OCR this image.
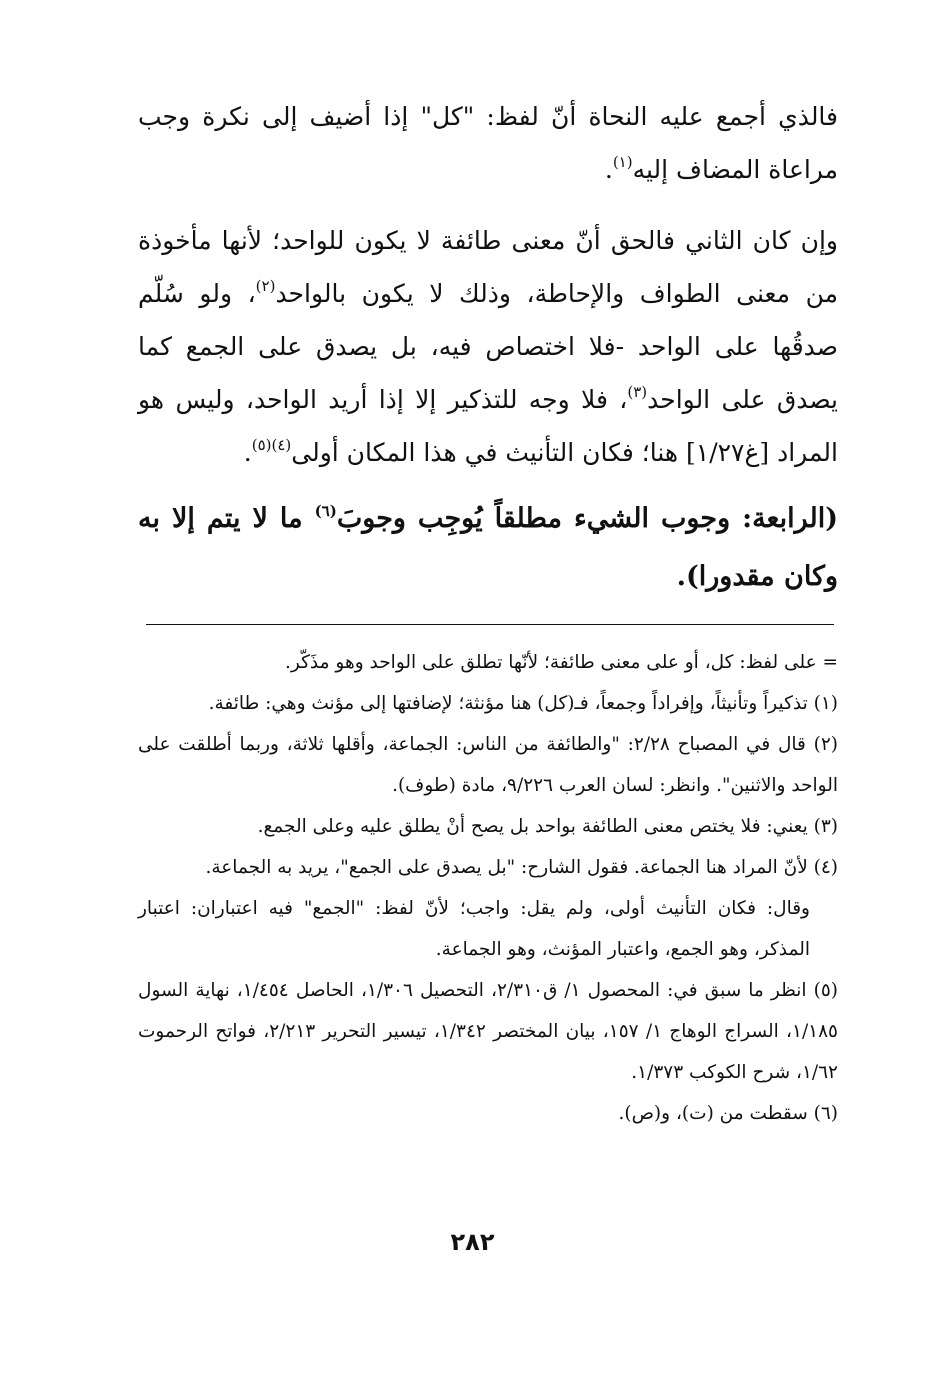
فالذي أجمع عليه النحاة أنّ لفظ: "كل" إذا أضيف إلى نكرة وجب مراعاة المضاف إليه$^{(١)}$.

وإن كان الثاني فالحق أنّ معنى طائفة لا يكون للواحد؛ لأنها مأخوذة من معنى الطواف والإحاطة، وذلك لا يكون بالواحد$^{(٢)}$، ولو سُلّم صدقُها على الواحد -فلا اختصاص فيه، بل يصدق على الجمع كما يصدق على الواحد$^{(٣)}$، فلا وجه للتذكير إلا إذا أريد الواحد، وليس هو المراد [غ١/٢٧] هنا؛ فكان التأنيث في هذا المكان أولى$^{(٤)(٥)}$.

(الرابعة: وجوب الشيء مطلقاً يُوجِب وجوبَ$^{(٦)}$ ما لا يتم إلا به وكان مقدورا).

= على لفظ: كل، أو على معنى طائفة؛ لأنّها تطلق على الواحد وهو مذَكّر.

(١) تذكيراً وتأنيثاً، وإفراداً وجمعاً، فـ(كل) هنا مؤنثة؛ لإضافتها إلى مؤنث وهي: طائفة.

(٢) قال في المصباح ٢/٢٨: "والطائفة من الناس: الجماعة، وأقلها ثلاثة، وربما أطلقت على الواحد والاثنين". وانظر: لسان العرب ٩/٢٢٦، مادة (طوف).

(٣) يعني: فلا يختص معنى الطائفة بواحد بل يصح أنْ يطلق عليه وعلى الجمع.

(٤) لأنّ المراد هنا الجماعة. فقول الشارح: "بل يصدق على الجمع"، يريد به الجماعة.

وقال: فكان التأنيث أولى، ولم يقل: واجب؛ لأنّ لفظ: "الجمع" فيه اعتباران: اعتبار المذكر، وهو الجمع، واعتبار المؤنث، وهو الجماعة.

(٥) انظر ما سبق في: المحصول ١/ ق٢/٣١٠، التحصيل ١/٣٠٦، الحاصل ١/٤٥٤، نهاية السول ١/١٨٥، السراج الوهاج ١/ ١٥٧، بيان المختصر ١/٣٤٢، تيسير التحرير ٢/٢١٣، فواتح الرحموت ١/٦٢، شرح الكوكب ١/٣٧٣.

(٦) سقطت من (ت)، و(ص).

٢٨٢
